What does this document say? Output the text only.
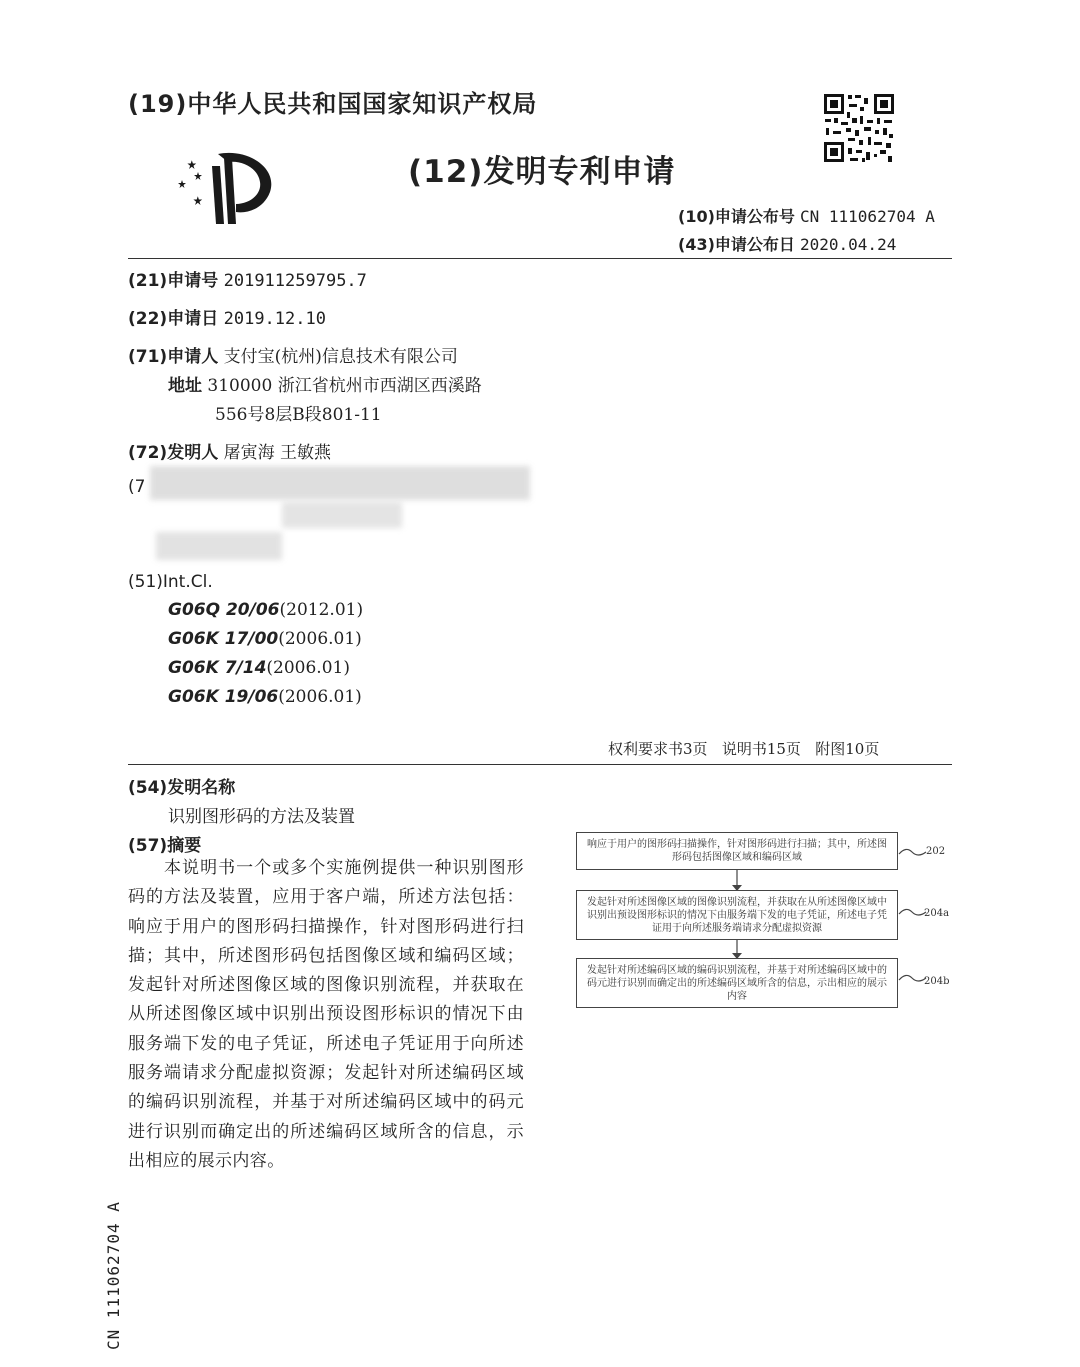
(19)中华人民共和国国家知识产权局
(12)发明专利申请
(10)申请公布号 CN 111062704 A
(43)申请公布日 2020.04.24
(21)申请号 201911259795.7
(22)申请日 2019.12.10
(71)申请人 支付宝(杭州)信息技术有限公司
地址 310000 浙江省杭州市西湖区西溪路
556号8层B段801-11
(72)发明人 屠寅海 王敏燕
(7
(51)Int.Cl.
G06Q 20/06(2012.01)
G06K 17/00(2006.01)
G06K 7/14(2006.01)
G06K 19/06(2006.01)
权利要求书3页   说明书15页   附图10页
(54)发明名称
识别图形码的方法及装置
(57)摘要
本说明书一个或多个实施例提供一种识别图形码的方法及装置，应用于客户端，所述方法包括：响应于用户的图形码扫描操作，针对图形码进行扫描；其中，所述图形码包括图像区域和编码区域；发起针对所述图像区域的图像识别流程，并获取在从所述图像区域中识别出预设图形标识的情况下由服务端下发的电子凭证，所述电子凭证用于向所述服务端请求分配虚拟资源；发起针对所述编码区域的编码识别流程，并基于对所述编码区域中的码元进行识别而确定出的所述编码区域所含的信息，示出相应的展示内容。
响应于用户的图形码扫描操作，针对图形码进行扫描；其中，所述图形码包括图像区域和编码区域
发起针对所述图像区域的图像识别流程，并获取在从所述图像区域中识别出预设图形标识的情况下由服务端下发的电子凭证，所述电子凭证用于向所述服务端请求分配虚拟资源
发起针对所述编码区域的编码识别流程，并基于对所述编码区域中的码元进行识别而确定出的所述编码区域所含的信息，示出相应的展示内容
202
204a
204b
CN 111062704 A
